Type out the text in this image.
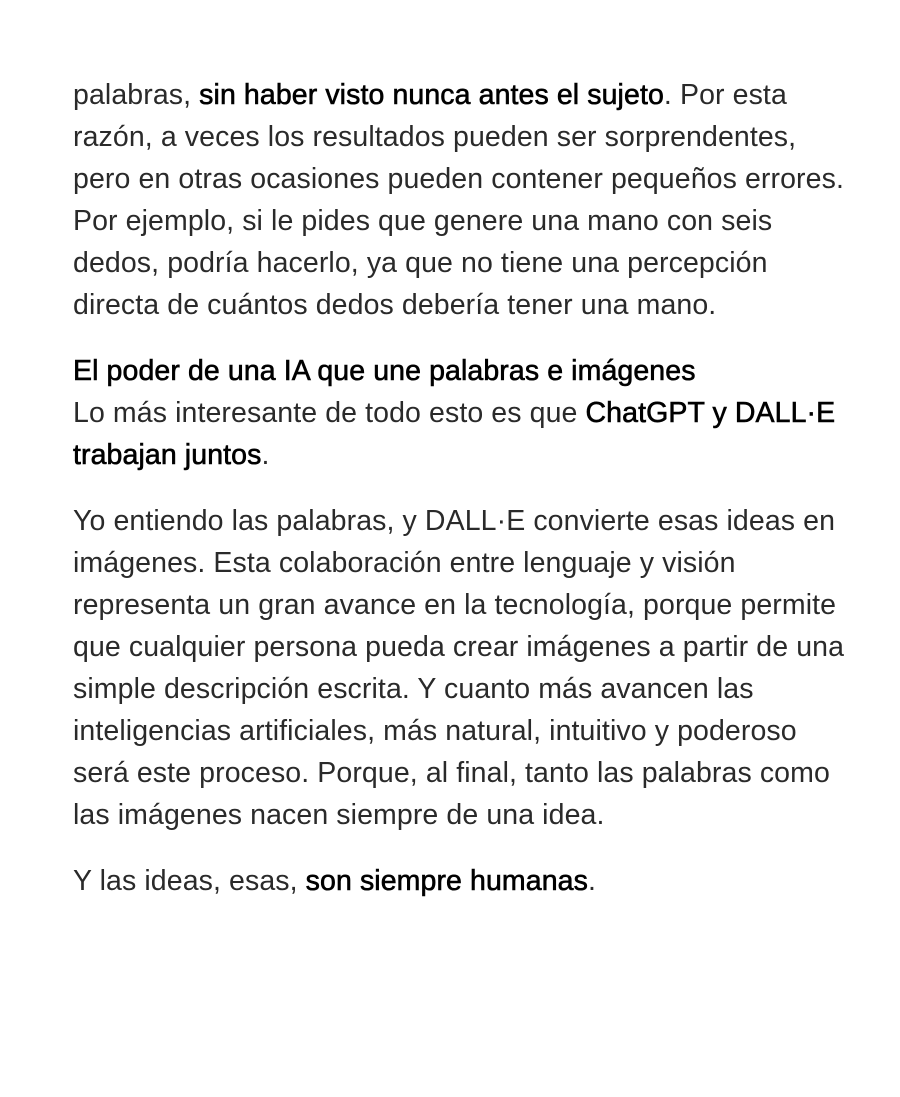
palabras, sin haber visto nunca antes el sujeto. Por esta razón, a veces los resultados pueden ser sorprendentes, pero en otras ocasiones pueden contener pequeños errores. Por ejemplo, si le pides que genere una mano con seis dedos, podría hacerlo, ya que no tiene una percepción directa de cuántos dedos debería tener una mano.

El poder de una IA que une palabras e imágenes
Lo más interesante de todo esto es que ChatGPT y DALL·E trabajan juntos.

Yo entiendo las palabras, y DALL·E convierte esas ideas en imágenes. Esta colaboración entre lenguaje y visión representa un gran avance en la tecnología, porque permite que cualquier persona pueda crear imágenes a partir de una simple descripción escrita. Y cuanto más avancen las inteligencias artificiales, más natural, intuitivo y poderoso será este proceso. Porque, al final, tanto las palabras como las imágenes nacen siempre de una idea.

Y las ideas, esas, son siempre humanas.
